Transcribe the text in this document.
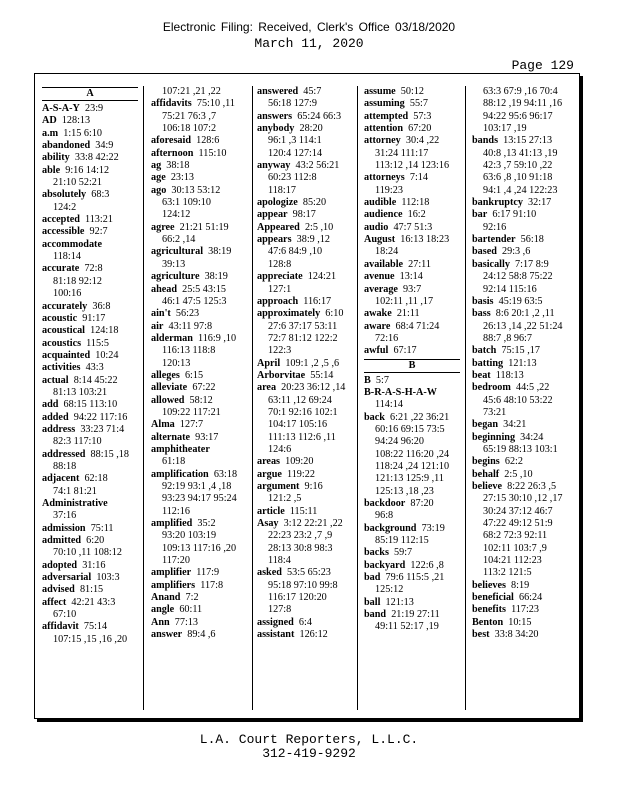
Electronic Filing: Received, Clerk's Office 03/18/2020
March 11, 2020
Page 129
A
A-S-A-Y 23:9
AD 128:13
a.m 1:15 6:10
abandoned 34:9
ability 33:8 42:22
able 9:16 14:12
21:10 52:21
absolutely 68:3
124:2
accepted 113:21
accessible 92:7
accommodate
118:14
accurate 72:8
81:18 92:12
100:16
accurately 36:8
acoustic 91:17
acoustical 124:18
acoustics 115:5
acquainted 10:24
activities 43:3
actual 8:14 45:22
81:13 103:21
add 68:15 113:10
added 94:22 117:16
address 33:23 71:4
82:3 117:10
addressed 88:15 ,18
88:18
adjacent 62:18
74:1 81:21
Administrative
37:16
admission 75:11
admitted 6:20
70:10 ,11 108:12
adopted 31:16
adversarial 103:3
advised 81:15
affect 42:21 43:3
67:10
affidavit 75:14
107:15 ,15 ,16 ,20
107:21 ,21 ,22
affidavits 75:10 ,11
75:21 76:3 ,7
106:18 107:2
aforesaid 128:6
afternoon 115:10
ag 38:18
age 23:13
ago 30:13 53:12
63:1 109:10
124:12
agree 21:21 51:19
66:2 ,14
agricultural 38:19
39:13
agriculture 38:19
ahead 25:5 43:15
46:1 47:5 125:3
ain't 56:23
air 43:11 97:8
alderman 116:9 ,10
116:13 118:8
120:13
alleges 6:15
alleviate 67:22
allowed 58:12
109:22 117:21
Alma 127:7
alternate 93:17
amphitheater
61:18
amplification 63:18
92:19 93:1 ,4 ,18
93:23 94:17 95:24
112:16
amplified 35:2
93:20 103:19
109:13 117:16 ,20
117:20
amplifier 117:9
amplifiers 117:8
Anand 7:2
angle 60:11
Ann 77:13
answer 89:4 ,6
answered 45:7
56:18 127:9
answers 65:24 66:3
anybody 28:20
96:1 ,3 114:1
120:4 127:14
anyway 43:2 56:21
60:23 112:8
118:17
apologize 85:20
appear 98:17
Appeared 2:5 ,10
appears 38:9 ,12
47:6 84:9 ,10
128:8
appreciate 124:21
127:1
approach 116:17
approximately 6:10
27:6 37:17 53:11
72:7 81:12 122:2
122:3
April 109:1 ,2 ,5 ,6
Arborvitae 55:14
area 20:23 36:12 ,14
63:11 ,12 69:24
70:1 92:16 102:1
104:17 105:16
111:13 112:6 ,11
124:6
areas 109:20
argue 119:22
argument 9:16
121:2 ,5
article 115:11
Asay 3:12 22:21 ,22
22:23 23:2 ,7 ,9
28:13 30:8 98:3
118:4
asked 53:5 65:23
95:18 97:10 99:8
116:17 120:20
127:8
assigned 6:4
assistant 126:12
assume 50:12
assuming 55:7
attempted 57:3
attention 67:20
attorney 30:4 ,22
31:24 111:17
113:12 ,14 123:16
attorneys 7:14
119:23
audible 112:18
audience 16:2
audio 47:7 51:3
August 16:13 18:23
18:24
available 27:11
avenue 13:14
average 93:7
102:11 ,11 ,17
awake 21:11
aware 68:4 71:24
72:16
awful 67:17
B
B 5:7
B-R-A-S-H-A-W
114:14
back 6:21 ,22 36:21
60:16 69:15 73:5
94:24 96:20
108:22 116:20 ,24
118:24 ,24 121:10
121:13 125:9 ,11
125:13 ,18 ,23
backdoor 87:20
96:8
background 73:19
85:19 112:15
backs 59:7
backyard 122:6 ,8
bad 79:6 115:5 ,21
125:12
ball 121:13
band 21:19 27:11
49:11 52:17 ,19
63:3 67:9 ,16 70:4
88:12 ,19 94:11 ,16
94:22 95:6 96:17
103:17 ,19
bands 13:15 27:13
40:8 ,13 41:13 ,19
42:3 ,7 59:10 ,22
63:6 ,8 ,10 91:18
94:1 ,4 ,24 122:23
bankruptcy 32:17
bar 6:17 91:10
92:16
bartender 56:18
based 29:3 ,6
basically 7:17 8:9
24:12 58:8 75:22
92:14 115:16
basis 45:19 63:5
bass 8:6 20:1 ,2 ,11
26:13 ,14 ,22 51:24
88:7 ,8 96:7
batch 75:15 ,17
batting 121:13
beat 118:13
bedroom 44:5 ,22
45:6 48:10 53:22
73:21
began 34:21
beginning 34:24
65:19 88:13 103:1
begins 62:2
behalf 2:5 ,10
believe 8:22 26:3 ,5
27:15 30:10 ,12 ,17
30:24 37:12 46:7
47:22 49:12 51:9
68:2 72:3 92:11
102:11 103:7 ,9
104:21 112:23
113:2 121:5
believes 8:19
beneficial 66:24
benefits 117:23
Benton 10:15
best 33:8 34:20
L.A. Court Reporters, L.L.C.
312-419-9292
